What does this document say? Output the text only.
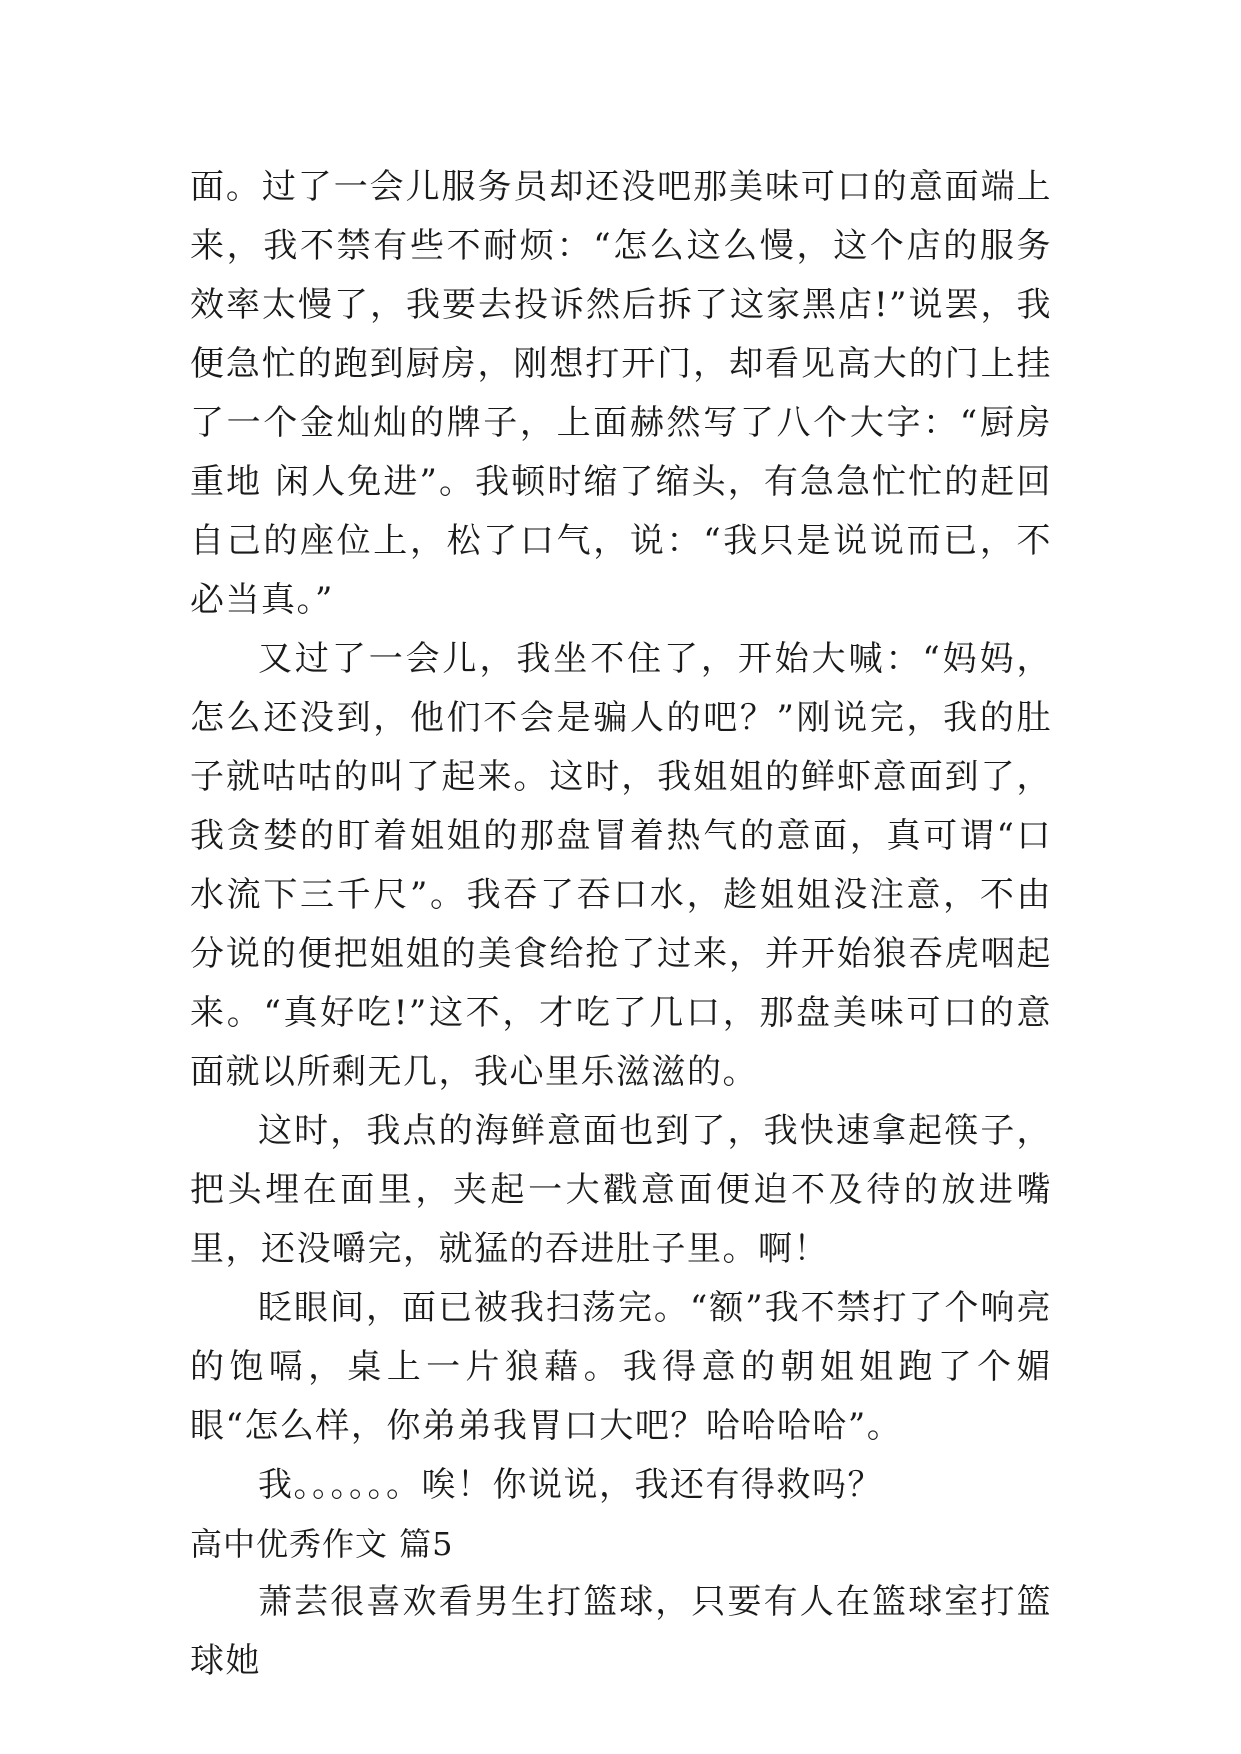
面。过了一会儿服务员却还没吧那美味可口的意面端上来，我不禁有些不耐烦：“怎么这么慢，这个店的服务效率太慢了，我要去投诉然后拆了这家黑店!”说罢，我便急忙的跑到厨房，刚想打开门，却看见高大的门上挂了一个金灿灿的牌子，上面赫然写了八个大字：“厨房重地 闲人免进”。我顿时缩了缩头，有急急忙忙的赶回自己的座位上，松了口气，说：“我只是说说而已，不必当真。”

又过了一会儿，我坐不住了，开始大喊：“妈妈，怎么还没到，他们不会是骗人的吧？”刚说完，我的肚子就咕咕的叫了起来。这时，我姐姐的鲜虾意面到了，我贪婪的盯着姐姐的那盘冒着热气的意面，真可谓“口水流下三千尺”。我吞了吞口水，趁姐姐没注意，不由分说的便把姐姐的美食给抢了过来，并开始狼吞虎咽起来。“真好吃!”这不，才吃了几口，那盘美味可口的意面就以所剩无几，我心里乐滋滋的。

这时，我点的海鲜意面也到了，我快速拿起筷子，把头埋在面里，夹起一大戳意面便迫不及待的放进嘴里，还没嚼完，就猛的吞进肚子里。啊！

眨眼间，面已被我扫荡完。“额”我不禁打了个响亮的饱嗝，桌上一片狼藉。我得意的朝姐姐跑了个媚眼“怎么样，你弟弟我胃口大吧？哈哈哈哈”。

我。。。。。。唉！你说说，我还有得救吗？

高中优秀作文 篇5

萧芸很喜欢看男生打篮球，只要有人在篮球室打篮球她
